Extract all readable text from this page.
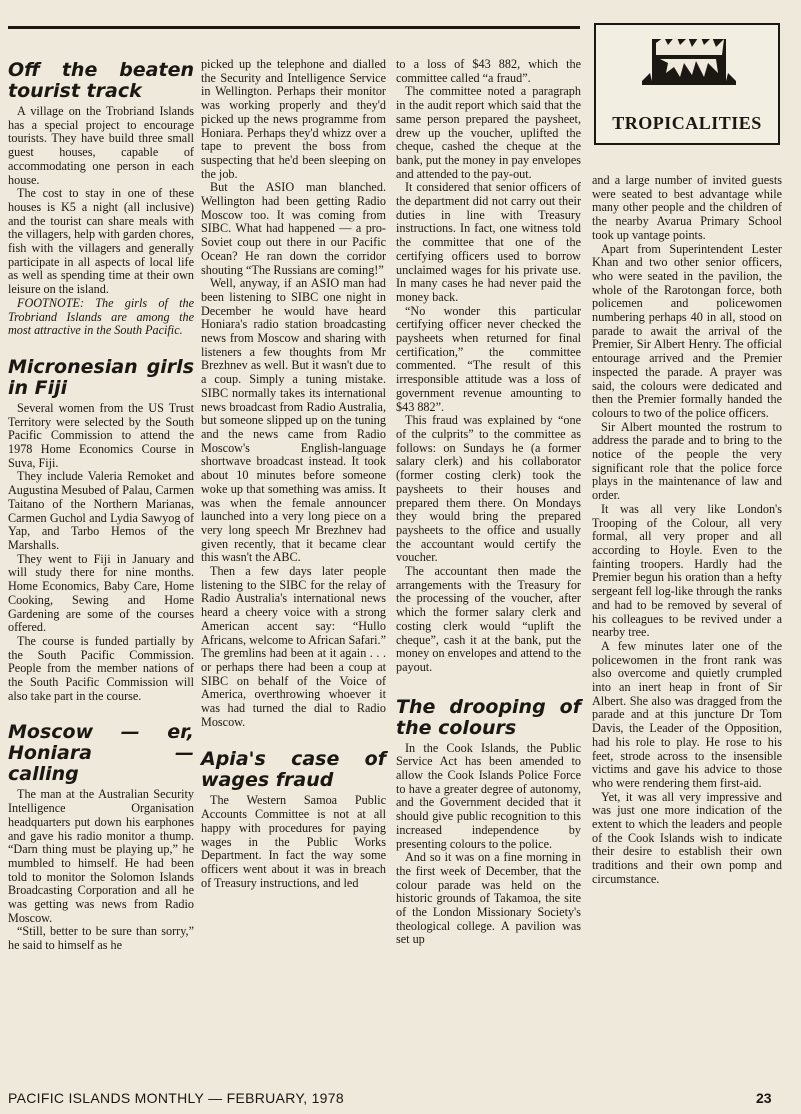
Off the beaten tourist track

A village on the Trobriand Islands has a special project to encourage tourists. They have build three small guest houses, capable of accommodating one person in each house.

The cost to stay in one of these houses is K5 a night (all inclusive) and the tourist can share meals with the villagers, help with garden chores, fish with the villagers and generally participate in all aspects of local life as well as spending time at their own leisure on the island.

FOOTNOTE: The girls of the Trobriand Islands are among the most attractive in the South Pacific.

Micronesian girls in Fiji

Several women from the US Trust Territory were selected by the South Pacific Commission to attend the 1978 Home Economics Course in Suva, Fiji.

They include Valeria Remoket and Augustina Mesubed of Palau, Carmen Taitano of the Northern Marianas, Carmen Guchol and Lydia Sawyog of Yap, and Tarbo Hemos of the Marshalls.

They went to Fiji in January and will study there for nine months. Home Economics, Baby Care, Home Cooking, Sewing and Home Gardening are some of the courses offered.

The course is funded partially by the South Pacific Commission. People from the member nations of the South Pacific Commission will also take part in the course.

Moscow — er, Honiara — calling

The man at the Australian Security Intelligence Organisation headquarters put down his earphones and gave his radio monitor a thump. “Darn thing must be playing up,” he mumbled to himself. He had been told to monitor the Solomon Islands Broadcasting Corporation and all he was getting was news from Radio Moscow.

“Still, better to be sure than sorry,” he said to himself as he

picked up the telephone and dialled the Security and Intelligence Service in Wellington. Perhaps their monitor was working properly and they'd picked up the news programme from Honiara. Perhaps they'd whizz over a tape to prevent the boss from suspecting that he'd been sleeping on the job.

But the ASIO man blanched. Wellington had been getting Radio Moscow too. It was coming from SIBC. What had happened — a pro-Soviet coup out there in our Pacific Ocean? He ran down the corridor shouting “The Russians are coming!”

Well, anyway, if an ASIO man had been listening to SIBC one night in December he would have heard Honiara's radio station broadcasting news from Moscow and sharing with listeners a few thoughts from Mr Brezhnev as well. But it wasn't due to a coup. Simply a tuning mistake. SIBC normally takes its international news broadcast from Radio Australia, but someone slipped up on the tuning and the news came from Radio Moscow's English-language shortwave broadcast instead. It took about 10 minutes before someone woke up that something was amiss. It was when the female announcer launched into a very long piece on a very long speech Mr Brezhnev had given recently, that it became clear this wasn't the ABC.

Then a few days later people listening to the SIBC for the relay of Radio Australia's international news heard a cheery voice with a strong American accent say: “Hullo Africans, welcome to African Safari.” The gremlins had been at it again . . . or perhaps there had been a coup at SIBC on behalf of the Voice of America, overthrowing whoever it was had turned the dial to Radio Moscow.

Apia's case of wages fraud

The Western Samoa Public Accounts Committee is not at all happy with procedures for paying wages in the Public Works Department. In fact the way some officers went about it was in breach of Treasury instructions, and led

to a loss of $43 882, which the committee called “a fraud”.

The committee noted a paragraph in the audit report which said that the same person prepared the paysheet, drew up the voucher, uplifted the cheque, cashed the cheque at the bank, put the money in pay envelopes and attended to the pay-out.

It considered that senior officers of the department did not carry out their duties in line with Treasury instructions. In fact, one witness told the committee that one of the certifying officers used to borrow unclaimed wages for his private use. In many cases he had never paid the money back.

“No wonder this particular certifying officer never checked the paysheets when returned for final certification,” the committee commented. “The result of this irresponsible attitude was a loss of government revenue amounting to $43 882”.

This fraud was explained by “one of the culprits” to the committee as follows: on Sundays he (a former salary clerk) and his collaborator (former costing clerk) took the paysheets to their houses and prepared them there. On Mondays they would bring the prepared paysheets to the office and usually the accountant would certify the voucher.

The accountant then made the arrangements with the Treasury for the processing of the voucher, after which the former salary clerk and costing clerk would “uplift the cheque”, cash it at the bank, put the money on envelopes and attend to the payout.

The drooping of the colours

In the Cook Islands, the Public Service Act has been amended to allow the Cook Islands Police Force to have a greater degree of autonomy, and the Government decided that it should give public recognition to this increased independence by presenting colours to the police.

And so it was on a fine morning in the first week of December, that the colour parade was held on the historic grounds of Takamoa, the site of the London Missionary Society's theological college. A pavilion was set up

TROPICALITIES

and a large number of invited guests were seated to best advantage while many other people and the children of the nearby Avarua Primary School took up vantage points.

Apart from Superintendent Lester Khan and two other senior officers, who were seated in the pavilion, the whole of the Rarotongan force, both policemen and policewomen numbering perhaps 40 in all, stood on parade to await the arrival of the Premier, Sir Albert Henry. The official entourage arrived and the Premier inspected the parade. A prayer was said, the colours were dedicated and then the Premier formally handed the colours to two of the police officers.

Sir Albert mounted the rostrum to address the parade and to bring to the notice of the people the very significant role that the police force plays in the maintenance of law and order.

It was all very like London's Trooping of the Colour, all very formal, all very proper and all according to Hoyle. Even to the fainting troopers. Hardly had the Premier begun his oration than a hefty sergeant fell log-like through the ranks and had to be removed by several of his colleagues to be revived under a nearby tree.

A few minutes later one of the policewomen in the front rank was also overcome and quietly crumpled into an inert heap in front of Sir Albert. She also was dragged from the parade and at this juncture Dr Tom Davis, the Leader of the Opposition, had his role to play. He rose to his feet, strode across to the insensible victims and gave his advice to those who were rendering them first-aid.

Yet, it was all very impressive and was just one more indication of the extent to which the leaders and people of the Cook Islands wish to indicate their desire to establish their own traditions and their own pomp and circumstance.

PACIFIC ISLANDS MONTHLY — FEBRUARY, 1978	23
